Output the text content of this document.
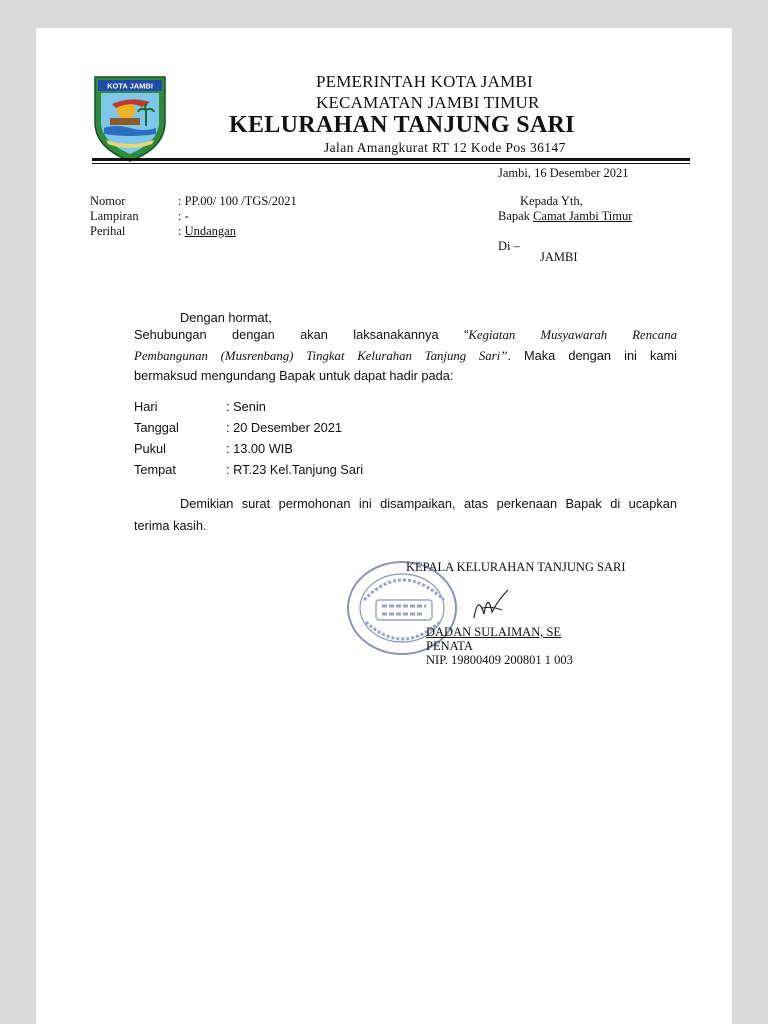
KOTA JAMBI	PEMERINTAH KOTA JAMBI
KECAMATAN JAMBI TIMUR
KELURAHAN TANJUNG SARI
Jalan Amangkurat RT 12 Kode Pos 36147
Jambi, 16 Desember 2021
Nomor	: PP.00/ 100 /TGS/2021
Lampiran	: -
Perihal	: Undangan
Kepada Yth,
Bapak Camat Jambi Timur
Di –
JAMBI
Dengan hormat,
Sehubungan dengan akan laksanakannya “Kegiatan Musyawarah Rencana
Pembangunan (Musrenbang) Tingkat Kelurahan Tanjung Sari”. Maka dengan ini kami
bermaksud mengundang Bapak untuk dapat hadir pada:
Hari	: Senin
Tanggal	: 20 Desember 2021
Pukul	: 13.00 WIB
Tempat	: RT.23 Kel.Tanjung Sari
Demikian surat permohonan ini disampaikan, atas perkenaan Bapak di ucapkan
terima kasih.
KEPALA KELURAHAN TANJUNG SARI
DADAN SULAIMAN, SE
PENATA
NIP. 19800409 200801 1 003
